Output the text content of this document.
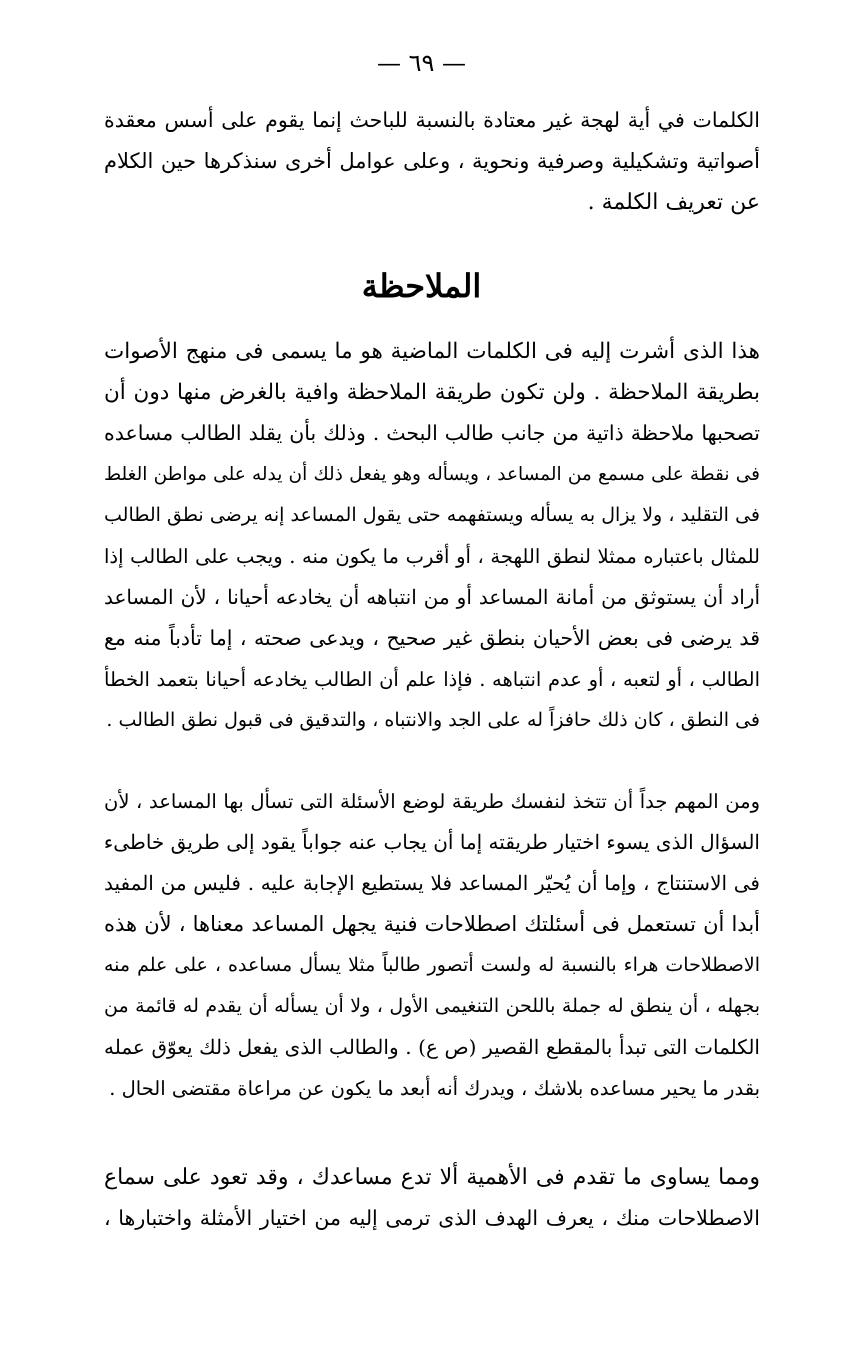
— ٦٩ —
الكلمات في أية لهجة غير معتادة بالنسبة للباحث إنما يقوم على أسس معقدة
أصواتية وتشكيلية وصرفية ونحوية ، وعلى عوامل أخرى سنذكرها حين الكلام
عن تعريف الكلمة .
الملاحظة
هذا الذى أشرت إليه فى الكلمات الماضية هو ما يسمى فى منهج الأصوات
بطريقة الملاحظة . ولن تكون طريقة الملاحظة وافية بالغرض منها دون أن
تصحبها ملاحظة ذاتية من جانب طالب البحث . وذلك بأن يقلد الطالب مساعده
فى نقطة على مسمع من المساعد ، ويسأله وهو يفعل ذلك أن يدله على مواطن الغلط
فى التقليد ، ولا يزال به يسأله ويستفهمه حتى يقول المساعد إنه يرضى نطق الطالب
للمثال باعتباره ممثلا لنطق اللهجة ، أو أقرب ما يكون منه . ويجب على الطالب إذا
أراد أن يستوثق من أمانة المساعد أو من انتباهه أن يخادعه أحيانا ، لأن المساعد
قد يرضى فى بعض الأحيان بنطق غير صحيح ، ويدعى صحته ، إما تأدباً منه مع
الطالب ، أو لتعبه ، أو عدم انتباهه . فإذا علم أن الطالب يخادعه أحيانا بتعمد الخطأ
فى النطق ، كان ذلك حافزاً له على الجد والانتباه ، والتدقيق فى قبول نطق الطالب .
ومن المهم جداً أن تتخذ لنفسك طريقة لوضع الأسئلة التى تسأل بها المساعد ، لأن
السؤال الذى يسوء اختيار طريقته إما أن يجاب عنه جواباً يقود إلى طريق خاطىء
فى الاستنتاج ، وإما أن يُحيّر المساعد فلا يستطيع الإجابة عليه . فليس من المفيد
أبدا أن تستعمل فى أسئلتك اصطلاحات فنية يجهل المساعد معناها ، لأن هذه
الاصطلاحات هراء بالنسبة له ولست أتصور طالباً مثلا يسأل مساعده ، على علم منه
بجهله ، أن ينطق له جملة باللحن التنغيمى الأول ، ولا أن يسأله أن يقدم له قائمة من
الكلمات التى تبدأ بالمقطع القصير (ص ع) . والطالب الذى يفعل ذلك يعوّق عمله
بقدر ما يحير مساعده بلاشك ، ويدرك أنه أبعد ما يكون عن مراعاة مقتضى الحال .
ومما يساوى ما تقدم فى الأهمية ألا تدع مساعدك ، وقد تعود على سماع
الاصطلاحات منك ، يعرف الهدف الذى ترمى إليه من اختيار الأمثلة واختبارها ،
